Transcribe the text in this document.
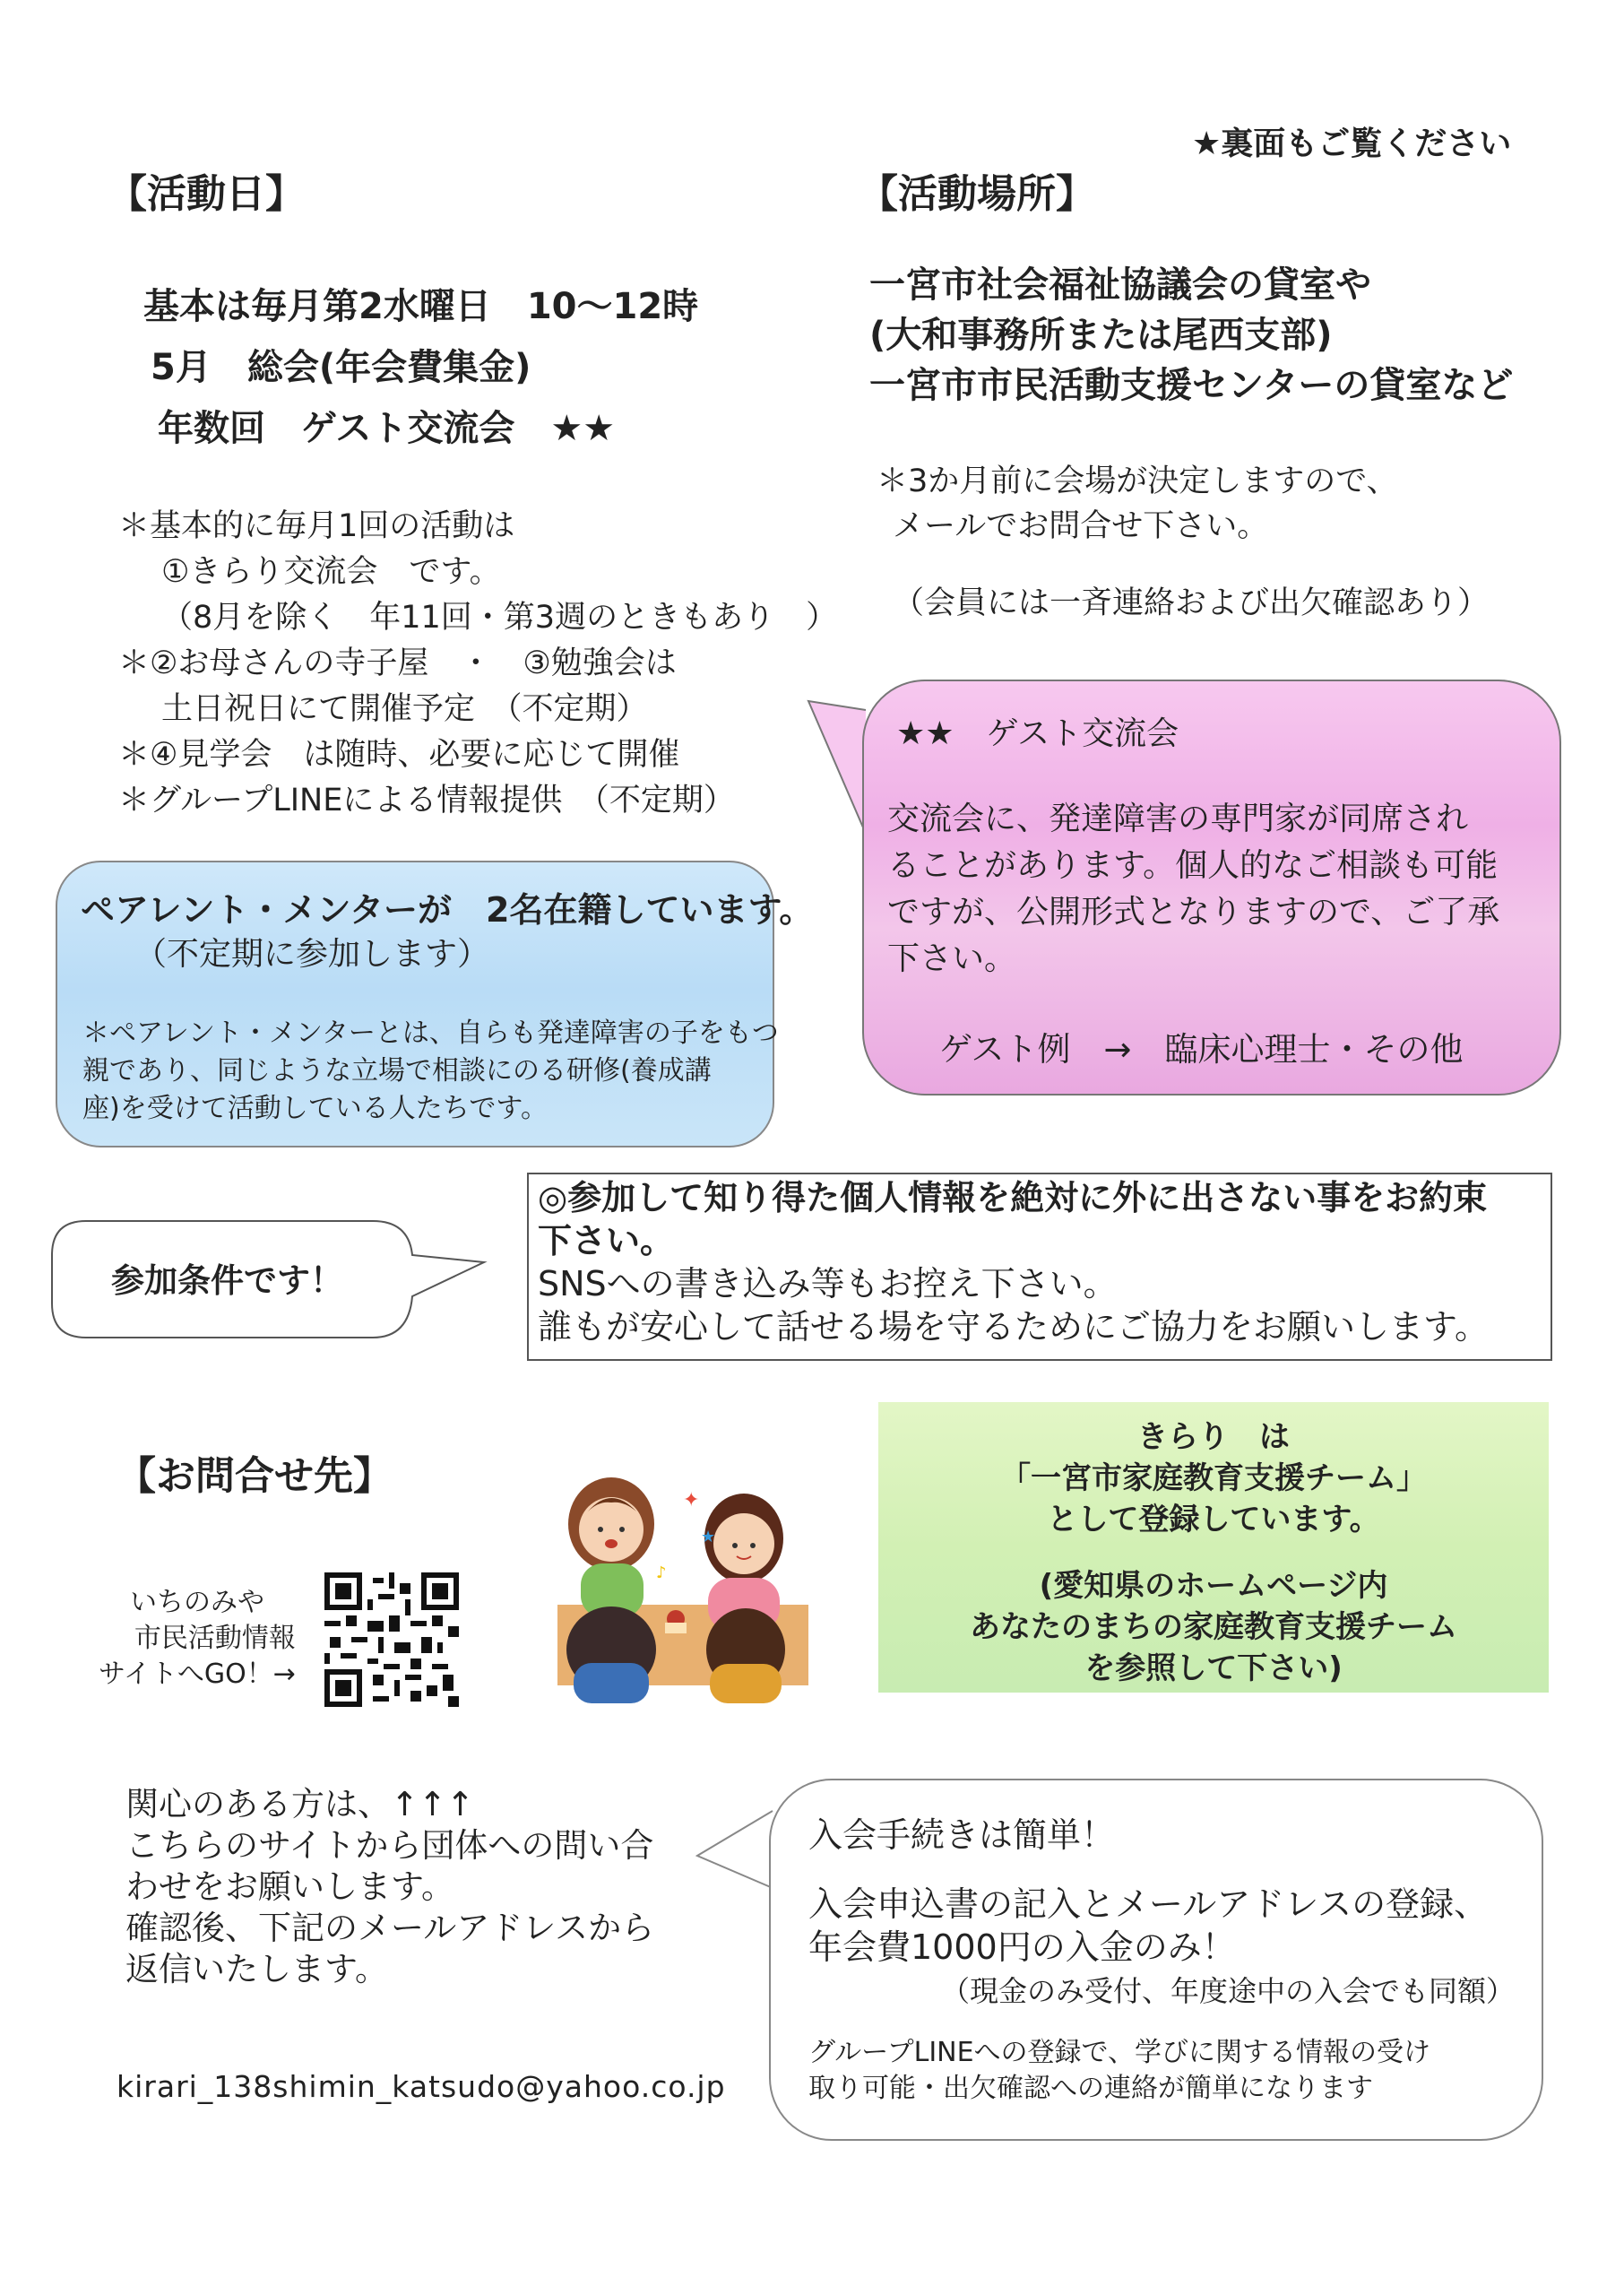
★裏面もご覧ください
【活動日】
基本は毎月第2水曜日　10～12時
5月　総会(年会費集金)
年数回　ゲスト交流会　★★
＊基本的に毎月1回の活動は
①きらり交流会　です。
（8月を除く　年11回・第3週のときもあり　）
＊②お母さんの寺子屋　・　③勉強会は
土日祝日にて開催予定　（不定期）
＊④見学会　は随時、必要に応じて開催
＊グループLINEによる情報提供　（不定期）
【活動場所】
一宮市社会福祉協議会の貸室や
(大和事務所または尾西支部)
一宮市市民活動支援センターの貸室など
＊3か月前に会場が決定しますので、
メールでお問合せ下さい。
（会員には一斉連絡および出欠確認あり）
★★　ゲスト交流会
交流会に、発達障害の専門家が同席され
ることがあります。個人的なご相談も可能
ですが、公開形式となりますので、ご了承
下さい。
ゲスト例　→　臨床心理士・その他
ペアレント・メンターが　2名在籍しています。
（不定期に参加します）
＊ペアレント・メンターとは、自らも発達障害の子をもつ
親であり、同じような立場で相談にのる研修(養成講
座)を受けて活動している人たちです。
参加条件です！
◎参加して知り得た個人情報を絶対に外に出さない事をお約束
下さい。
SNSへの書き込み等もお控え下さい。
誰もが安心して話せる場を守るためにご協力をお願いします。
【お問合せ先】
いちのみや
市民活動情報
サイトへGO！→
✦
★
♪
きらり　は
「一宮市家庭教育支援チーム」
として登録しています。
(愛知県のホームページ内
あなたのまちの家庭教育支援チーム
を参照して下さい)
関心のある方は、↑↑↑
こちらのサイトから団体への問い合
わせをお願いします。
確認後、下記のメールアドレスから
返信いたします。
kirari_138shimin_katsudo@yahoo.co.jp
入会手続きは簡単！
入会申込書の記入とメールアドレスの登録、
年会費1000円の入金のみ！
（現金のみ受付、年度途中の入会でも同額）
グループLINEへの登録で、学びに関する情報の受け
取り可能・出欠確認への連絡が簡単になります
